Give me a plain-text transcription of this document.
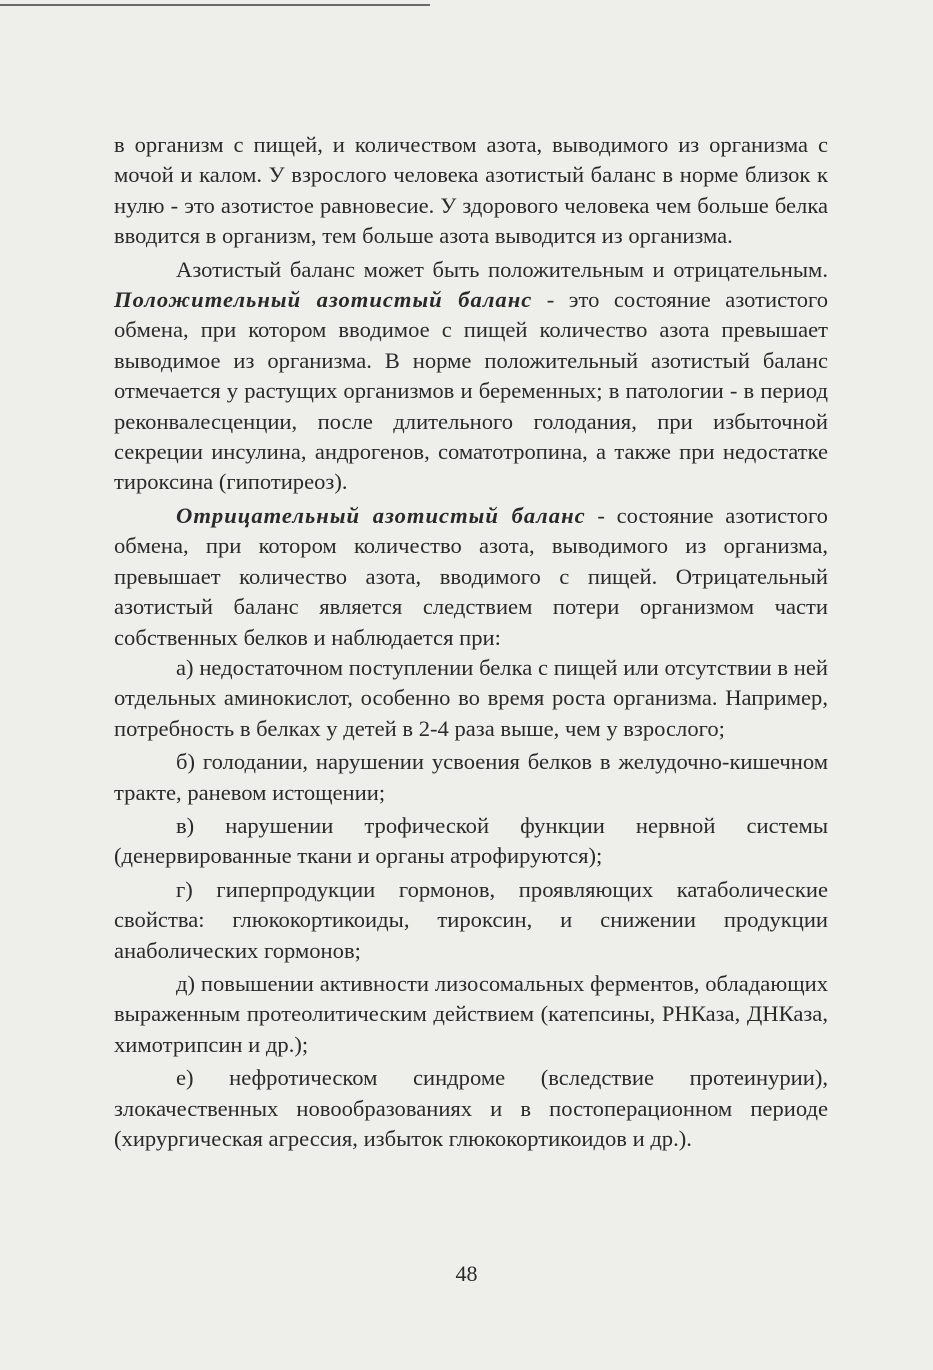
в организм с пищей, и количеством азота, выводимого из организма с мочой и калом. У взрослого человека азотистый баланс в норме близок к нулю - это азотистое равновесие. У здорового человека чем больше белка вводится в организм, тем больше азота выводится из организма.

Азотистый баланс может быть положительным и отрицательным. Положительный азотистый баланс - это состояние азотистого обмена, при котором вводимое с пищей количество азота превышает выводимое из организма. В норме положительный азотистый баланс отмечается у растущих организмов и беременных; в патологии - в период реконвалесценции, после длительного голодания, при избыточной секреции инсулина, андрогенов, соматотропина, а также при недостатке тироксина (гипотиреоз).

Отрицательный азотистый баланс - состояние азотистого обмена, при котором количество азота, выводимого из организма, превышает количество азота, вводимого с пищей. Отрицательный азотистый баланс является следствием потери организмом части собственных белков и наблюдается при:

а) недостаточном поступлении белка с пищей или отсутствии в ней отдельных аминокислот, особенно во время роста организма. Например, потребность в белках у детей в 2-4 раза выше, чем у взрослого;

б) голодании, нарушении усвоения белков в желудочно-кишечном тракте, раневом истощении;

в) нарушении трофической функции нервной системы (денервированные ткани и органы атрофируются);

г) гиперпродукции гормонов, проявляющих катаболические свойства: глюкокортикоиды, тироксин, и снижении продукции анаболических гормонов;

д) повышении активности лизосомальных ферментов, обладающих выраженным протеолитическим действием (катепсины, РНКаза, ДНКаза, химотрипсин и др.);

е) нефротическом синдроме (вследствие протеинурии), злокачественных новообразованиях и в постоперационном периоде (хирургическая агрессия, избыток глюкокортикоидов и др.).

48
